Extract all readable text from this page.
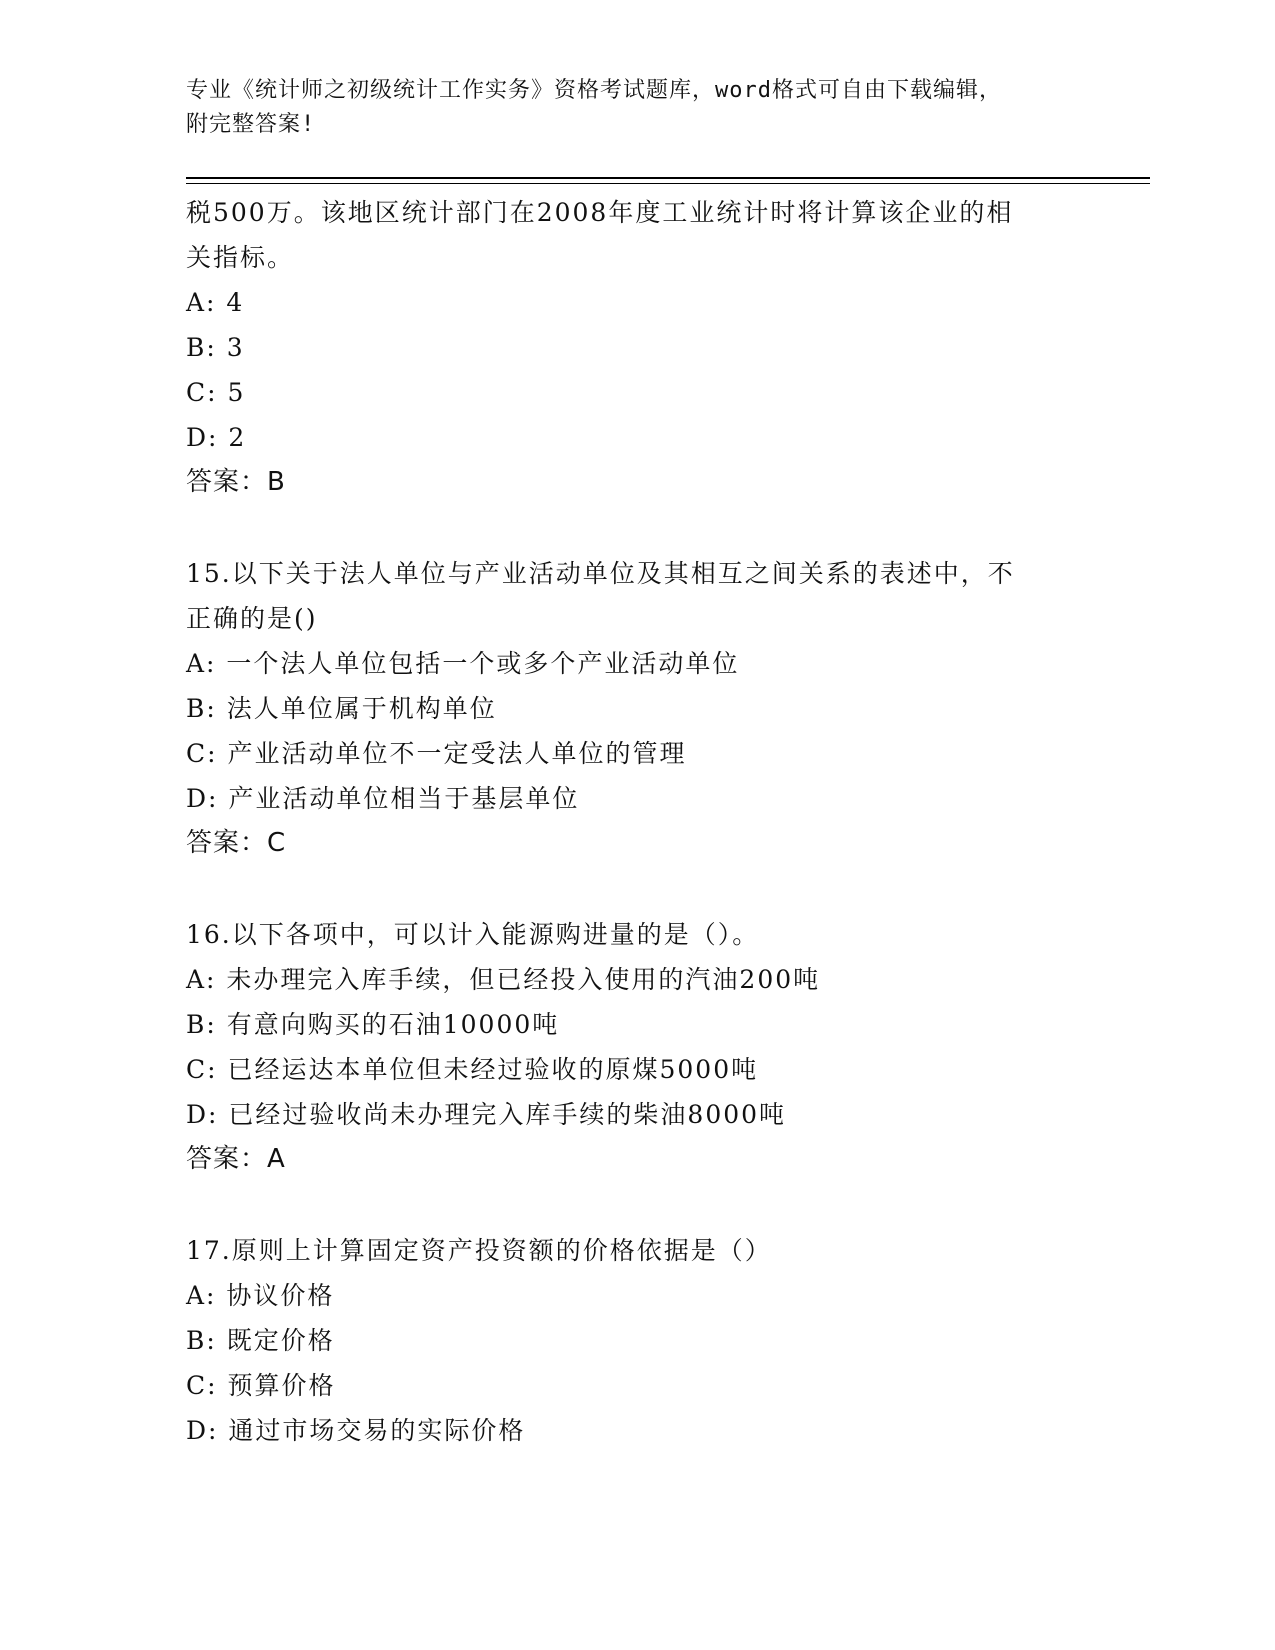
专业《统计师之初级统计工作实务》资格考试题库，word格式可自由下载编辑，
附完整答案!
税500万。该地区统计部门在2008年度工业统计时将计算该企业的相
关指标。
A: 4
B: 3
C: 5
D: 2
答案：B
15.以下关于法人单位与产业活动单位及其相互之间关系的表述中，不
正确的是()
A: 一个法人单位包括一个或多个产业活动单位
B: 法人单位属于机构单位
C: 产业活动单位不一定受法人单位的管理
D: 产业活动单位相当于基层单位
答案：C
16.以下各项中，可以计入能源购进量的是（）。
A: 未办理完入库手续，但已经投入使用的汽油200吨
B: 有意向购买的石油10000吨
C: 已经运达本单位但未经过验收的原煤5000吨
D: 已经过验收尚未办理完入库手续的柴油8000吨
答案：A
17.原则上计算固定资产投资额的价格依据是（）
A: 协议价格
B: 既定价格
C: 预算价格
D: 通过市场交易的实际价格
